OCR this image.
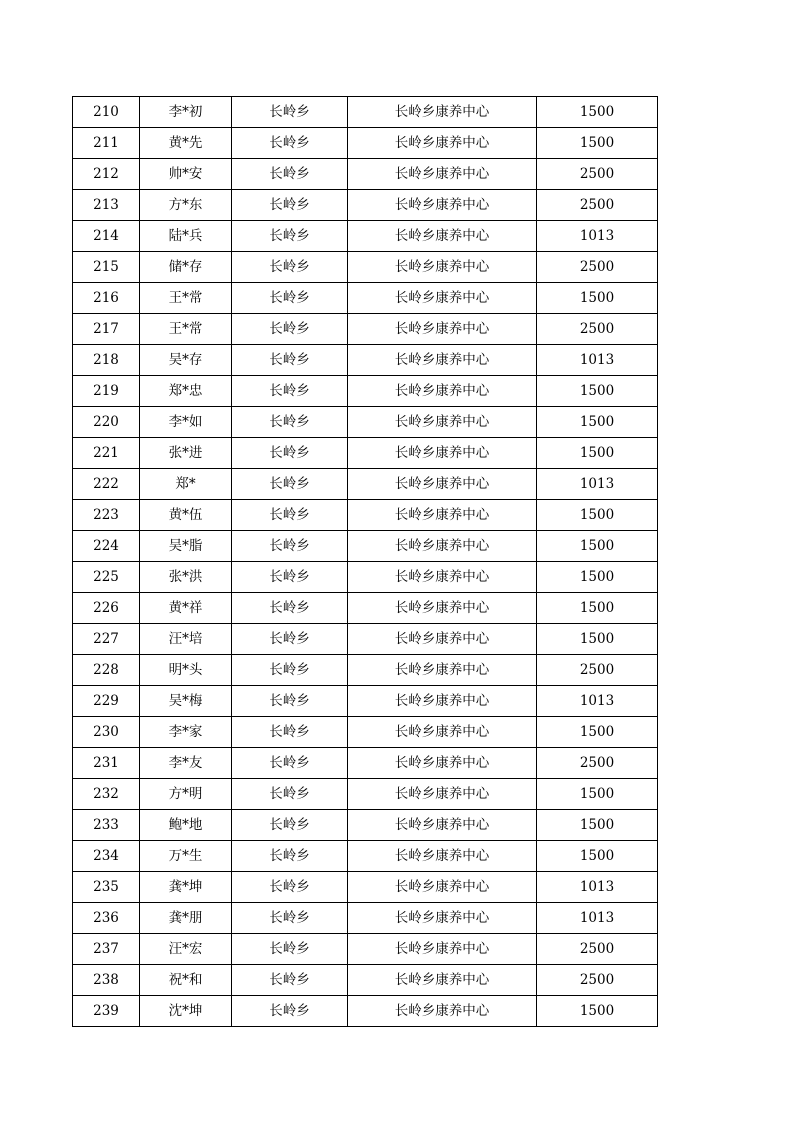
210	李*初	长岭乡	长岭乡康养中心	1500
211	黄*先	长岭乡	长岭乡康养中心	1500
212	帅*安	长岭乡	长岭乡康养中心	2500
213	方*东	长岭乡	长岭乡康养中心	2500
214	陆*兵	长岭乡	长岭乡康养中心	1013
215	储*存	长岭乡	长岭乡康养中心	2500
216	王*常	长岭乡	长岭乡康养中心	1500
217	王*常	长岭乡	长岭乡康养中心	2500
218	吴*存	长岭乡	长岭乡康养中心	1013
219	郑*忠	长岭乡	长岭乡康养中心	1500
220	李*如	长岭乡	长岭乡康养中心	1500
221	张*进	长岭乡	长岭乡康养中心	1500
222	郑*	长岭乡	长岭乡康养中心	1013
223	黄*伍	长岭乡	长岭乡康养中心	1500
224	吴*脂	长岭乡	长岭乡康养中心	1500
225	张*洪	长岭乡	长岭乡康养中心	1500
226	黄*祥	长岭乡	长岭乡康养中心	1500
227	汪*培	长岭乡	长岭乡康养中心	1500
228	明*头	长岭乡	长岭乡康养中心	2500
229	吴*梅	长岭乡	长岭乡康养中心	1013
230	李*家	长岭乡	长岭乡康养中心	1500
231	李*友	长岭乡	长岭乡康养中心	2500
232	方*明	长岭乡	长岭乡康养中心	1500
233	鲍*地	长岭乡	长岭乡康养中心	1500
234	万*生	长岭乡	长岭乡康养中心	1500
235	龚*坤	长岭乡	长岭乡康养中心	1013
236	龚*朋	长岭乡	长岭乡康养中心	1013
237	汪*宏	长岭乡	长岭乡康养中心	2500
238	祝*和	长岭乡	长岭乡康养中心	2500
239	沈*坤	长岭乡	长岭乡康养中心	1500
